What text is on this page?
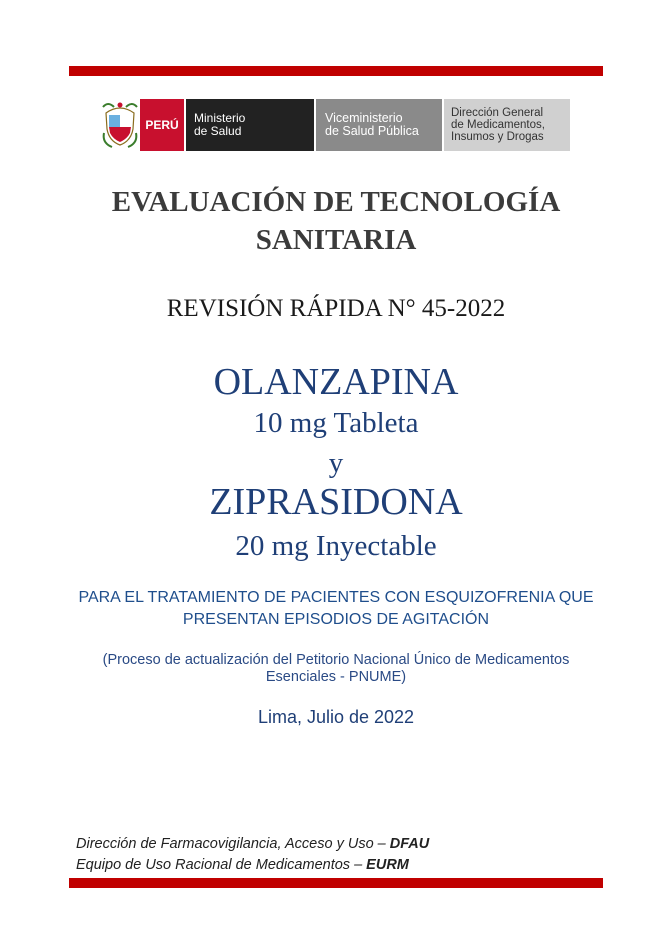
PERÚ Ministerio
de Salud
Viceministerio
de Salud Pública
Dirección General
de Medicamentos,
Insumos y Drogas
EVALUACIÓN DE TECNOLOGÍA
SANITARIA
REVISIÓN RÁPIDA N° 45-2022
OLANZAPINA
10 mg Tableta
y
ZIPRASIDONA
20 mg Inyectable
PARA EL TRATAMIENTO DE PACIENTES CON ESQUIZOFRENIA QUE
PRESENTAN EPISODIOS DE AGITACIÓN
(Proceso de actualización del Petitorio Nacional Único de Medicamentos
Esenciales - PNUME)
Lima, Julio de 2022
Dirección de Farmacovigilancia, Acceso y Uso – DFAU
Equipo de Uso Racional de Medicamentos – EURM
